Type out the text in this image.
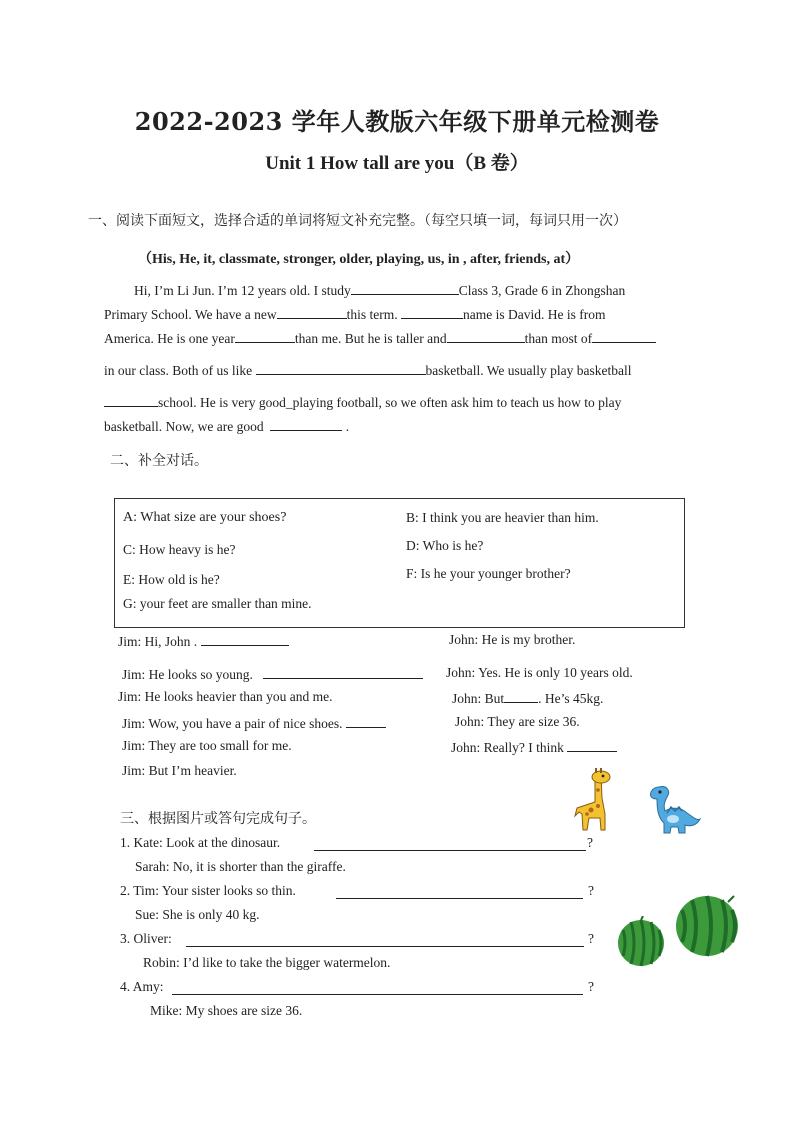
2022-2023 学年人教版六年级下册单元检测卷
Unit 1 How tall are you（B 卷）
一、阅读下面短文，选择合适的单词将短文补充完整。（每空只填一词，每词只用一次）
（His, He, it, classmate, stronger, older, playing, us, in , after, friends, at）
Hi, I’m Li Jun. I’m 12 years old. I study	Class 3, Grade 6 in Zhongshan
Primary School. We have a new	this term.	name is David. He is from
America. He is one year	than me. But he is taller and	than most of
in our class. Both of us like	basketball. We usually play basketball
school. He is very good_playing football, so we often ask him to teach us how to play
basketball. Now, we are good	.
二、补全对话。
A: What size are your shoes?	B: I think you are heavier than him.
C: How heavy is he?	D: Who is he?
E: How old is he?	F: Is he your younger brother?
G: your feet are smaller than mine.
Jim: Hi, John .	John: He is my brother.
Jim: He looks so young.	John: Yes. He is only 10 years old.
Jim: He looks heavier than you and me.	John: But	. He’s 45kg.
Jim: Wow, you have a pair of nice shoes.	John: They are size 36.
Jim: They are too small for me.	John: Really? I think
Jim: But I’m heavier.
三、根据图片或答句完成句子。
1. Kate: Look at the dinosaur.	?
Sarah: No, it is shorter than the giraffe.
2. Tim: Your sister looks so thin.	?
Sue: She is only 40 kg.
3. Oliver:	?
Robin: I’d like to take the bigger watermelon.
4. Amy:	?
Mike: My shoes are size 36.
